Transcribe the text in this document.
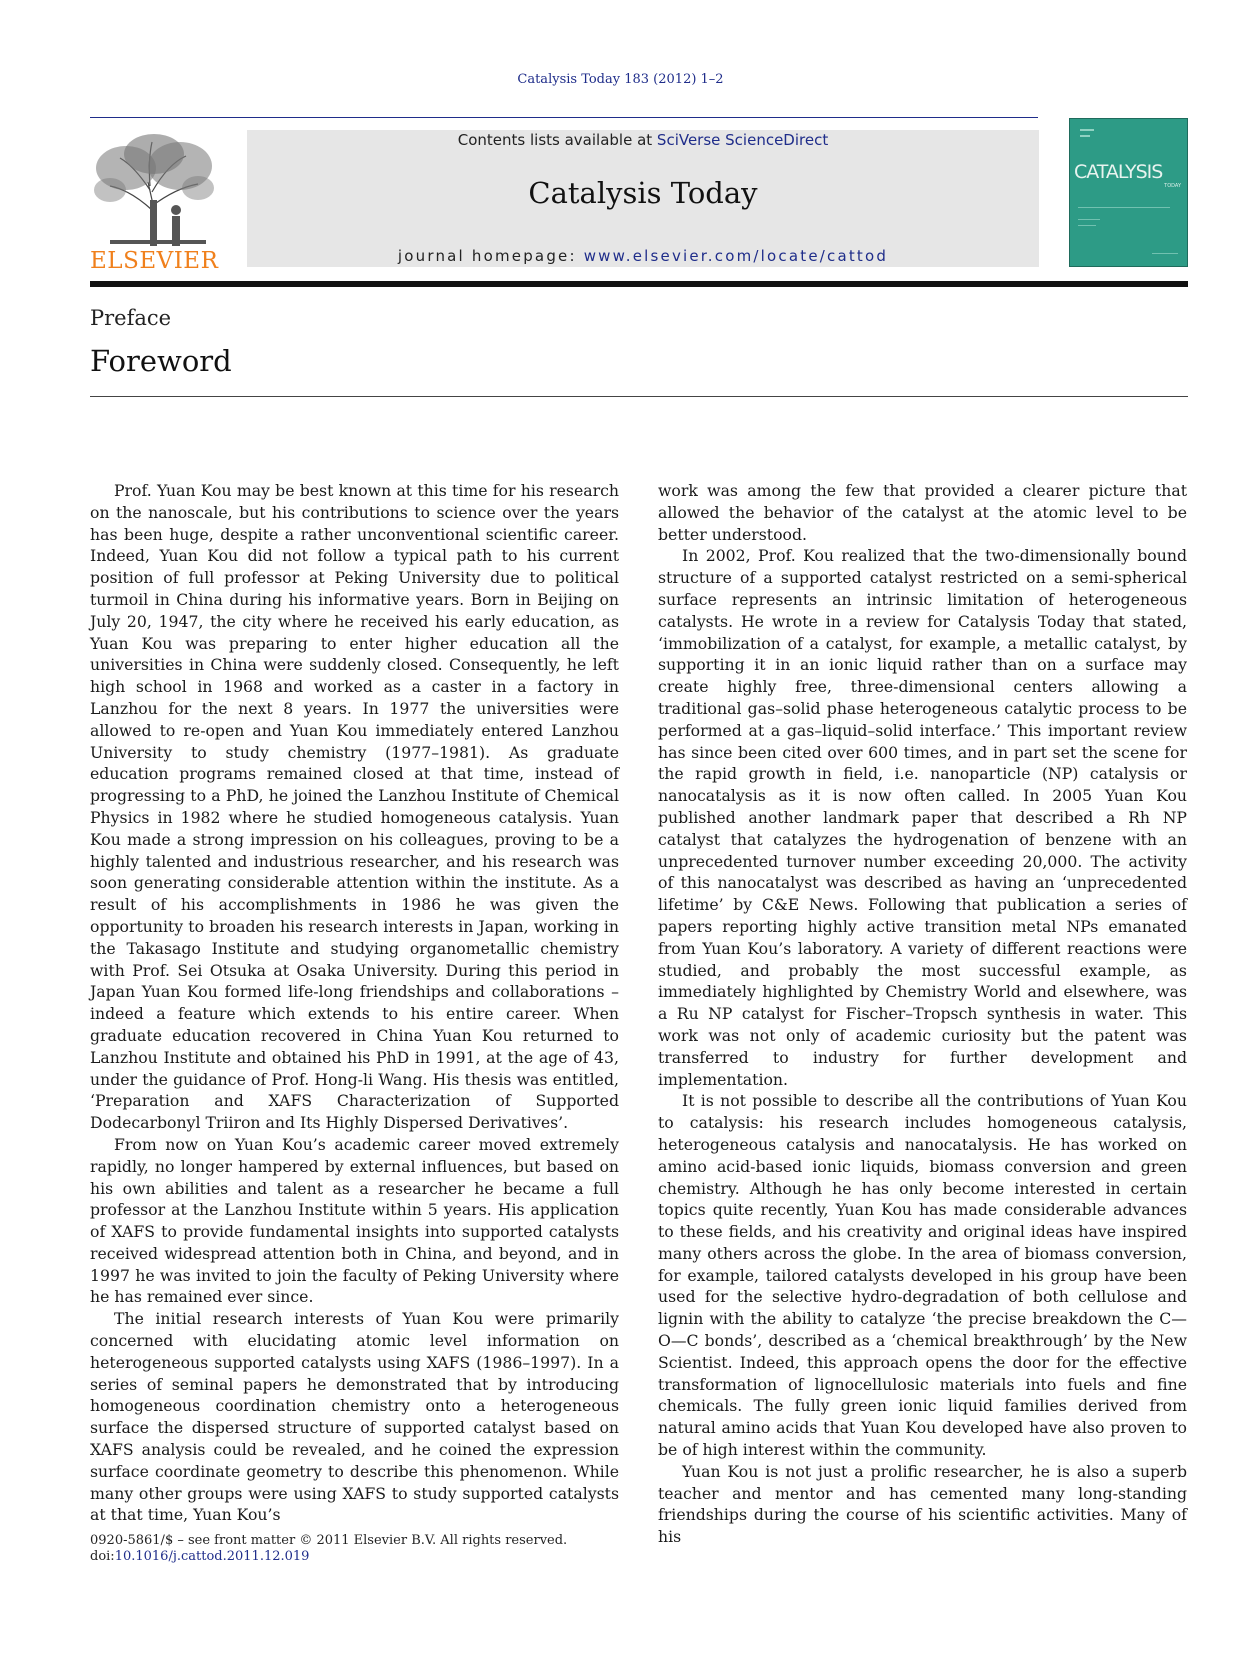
Catalysis Today 183 (2012) 1–2
ELSEVIER
Contents lists available at SciVerse ScienceDirect
Catalysis Today
journal homepage: www.elsevier.com/locate/cattod
CATALYSIS
TODAY
Preface
Foreword

Prof. Yuan Kou may be best known at this time for his research on the nanoscale, but his contributions to science over the years has been huge, despite a rather unconventional scientific career. Indeed, Yuan Kou did not follow a typical path to his current position of full professor at Peking University due to political turmoil in China during his informative years. Born in Beijing on July 20, 1947, the city where he received his early education, as Yuan Kou was preparing to enter higher education all the universities in China were suddenly closed. Consequently, he left high school in 1968 and worked as a caster in a factory in Lanzhou for the next 8 years. In 1977 the universities were allowed to re-open and Yuan Kou immediately entered Lanzhou University to study chemistry (1977–1981). As graduate education programs remained closed at that time, instead of progressing to a PhD, he joined the Lanzhou Institute of Chemical Physics in 1982 where he studied homogeneous catalysis. Yuan Kou made a strong impression on his colleagues, proving to be a highly talented and industrious researcher, and his research was soon generating considerable attention within the institute. As a result of his accomplishments in 1986 he was given the opportunity to broaden his research interests in Japan, working in the Takasago Institute and studying organometallic chemistry with Prof. Sei Otsuka at Osaka University. During this period in Japan Yuan Kou formed life-long friendships and collaborations – indeed a feature which extends to his entire career. When graduate education recovered in China Yuan Kou returned to Lanzhou Institute and obtained his PhD in 1991, at the age of 43, under the guidance of Prof. Hong-li Wang. His thesis was entitled, ‘Preparation and XAFS Characterization of Supported Dodecarbonyl Triiron and Its Highly Dispersed Derivatives’.

From now on Yuan Kou’s academic career moved extremely rapidly, no longer hampered by external influences, but based on his own abilities and talent as a researcher he became a full professor at the Lanzhou Institute within 5 years. His application of XAFS to provide fundamental insights into supported catalysts received widespread attention both in China, and beyond, and in 1997 he was invited to join the faculty of Peking University where he has remained ever since.

The initial research interests of Yuan Kou were primarily concerned with elucidating atomic level information on heterogeneous supported catalysts using XAFS (1986–1997). In a series of seminal papers he demonstrated that by introducing homogeneous coordination chemistry onto a heterogeneous surface the dispersed structure of supported catalyst based on XAFS analysis could be revealed, and he coined the expression surface coordinate geometry to describe this phenomenon. While many other groups were using XAFS to study supported catalysts at that time, Yuan Kou’s

work was among the few that provided a clearer picture that allowed the behavior of the catalyst at the atomic level to be better understood.

In 2002, Prof. Kou realized that the two-dimensionally bound structure of a supported catalyst restricted on a semi-spherical surface represents an intrinsic limitation of heterogeneous catalysts. He wrote in a review for Catalysis Today that stated, ‘immobilization of a catalyst, for example, a metallic catalyst, by supporting it in an ionic liquid rather than on a surface may create highly free, three-dimensional centers allowing a traditional gas–solid phase heterogeneous catalytic process to be performed at a gas–liquid–solid interface.’ This important review has since been cited over 600 times, and in part set the scene for the rapid growth in field, i.e. nanoparticle (NP) catalysis or nanocatalysis as it is now often called. In 2005 Yuan Kou published another landmark paper that described a Rh NP catalyst that catalyzes the hydrogenation of benzene with an unprecedented turnover number exceeding 20,000. The activity of this nanocatalyst was described as having an ‘unprecedented lifetime’ by C&E News. Following that publication a series of papers reporting highly active transition metal NPs emanated from Yuan Kou’s laboratory. A variety of different reactions were studied, and probably the most successful example, as immediately highlighted by Chemistry World and elsewhere, was a Ru NP catalyst for Fischer–Tropsch synthesis in water. This work was not only of academic curiosity but the patent was transferred to industry for further development and implementation.

It is not possible to describe all the contributions of Yuan Kou to catalysis: his research includes homogeneous catalysis, heterogeneous catalysis and nanocatalysis. He has worked on amino acid-based ionic liquids, biomass conversion and green chemistry. Although he has only become interested in certain topics quite recently, Yuan Kou has made considerable advances to these fields, and his creativity and original ideas have inspired many others across the globe. In the area of biomass conversion, for example, tailored catalysts developed in his group have been used for the selective hydro-degradation of both cellulose and lignin with the ability to catalyze ‘the precise breakdown the C—O—C bonds’, described as a ‘chemical breakthrough’ by the New Scientist. Indeed, this approach opens the door for the effective transformation of lignocellulosic materials into fuels and fine chemicals. The fully green ionic liquid families derived from natural amino acids that Yuan Kou developed have also proven to be of high interest within the community.

Yuan Kou is not just a prolific researcher, he is also a superb teacher and mentor and has cemented many long-standing friendships during the course of his scientific activities. Many of his

0920-5861/$ – see front matter © 2011 Elsevier B.V. All rights reserved.
doi:10.1016/j.cattod.2011.12.019
